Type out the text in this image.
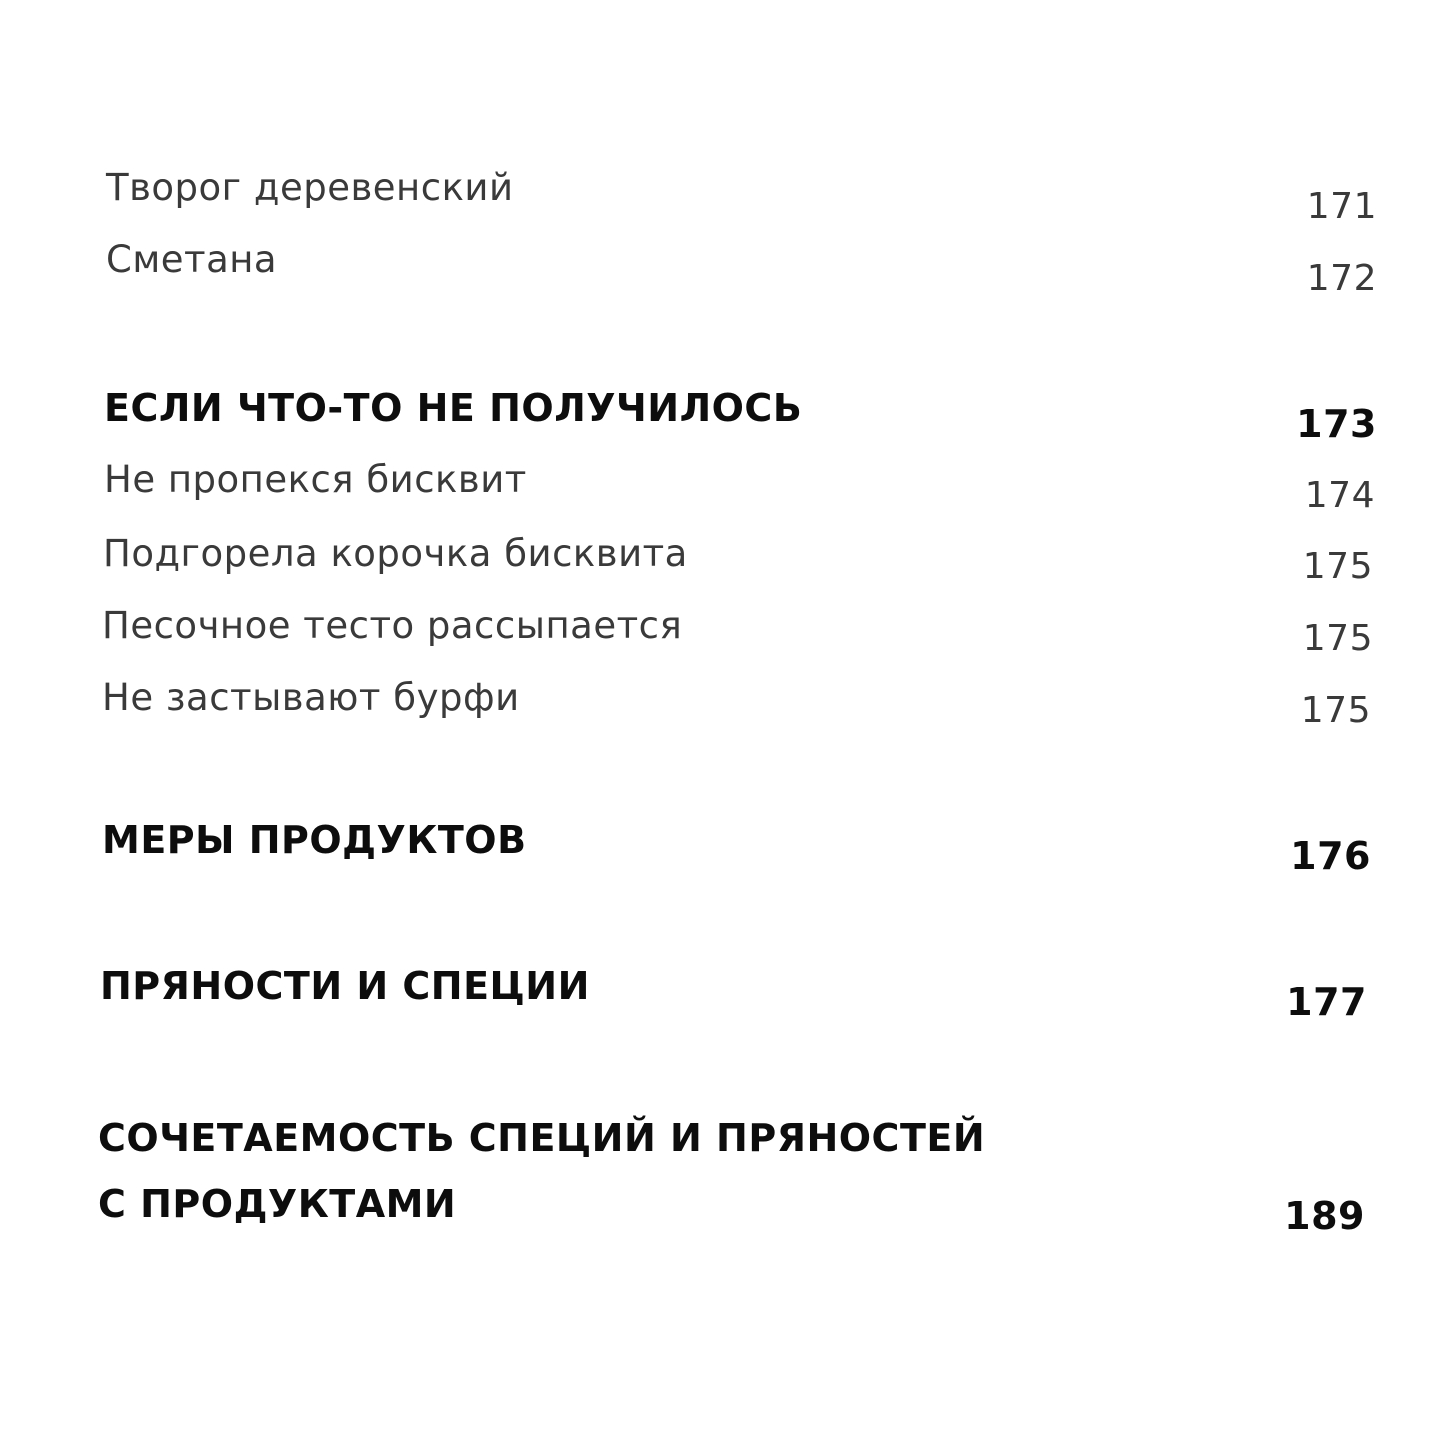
Творог деревенский	171
Сметана	172
ЕСЛИ ЧТО-ТО НЕ ПОЛУЧИЛОСЬ	173
Не пропекся бисквит	174
Подгорела корочка бисквита	175
Песочное тесто рассыпается	175
Не застывают бурфи	175
МЕРЫ ПРОДУКТОВ	176
ПРЯНОСТИ И СПЕЦИИ	177
СОЧЕТАЕМОСТЬ СПЕЦИЙ И ПРЯНОСТЕЙ
С ПРОДУКТАМИ	189
